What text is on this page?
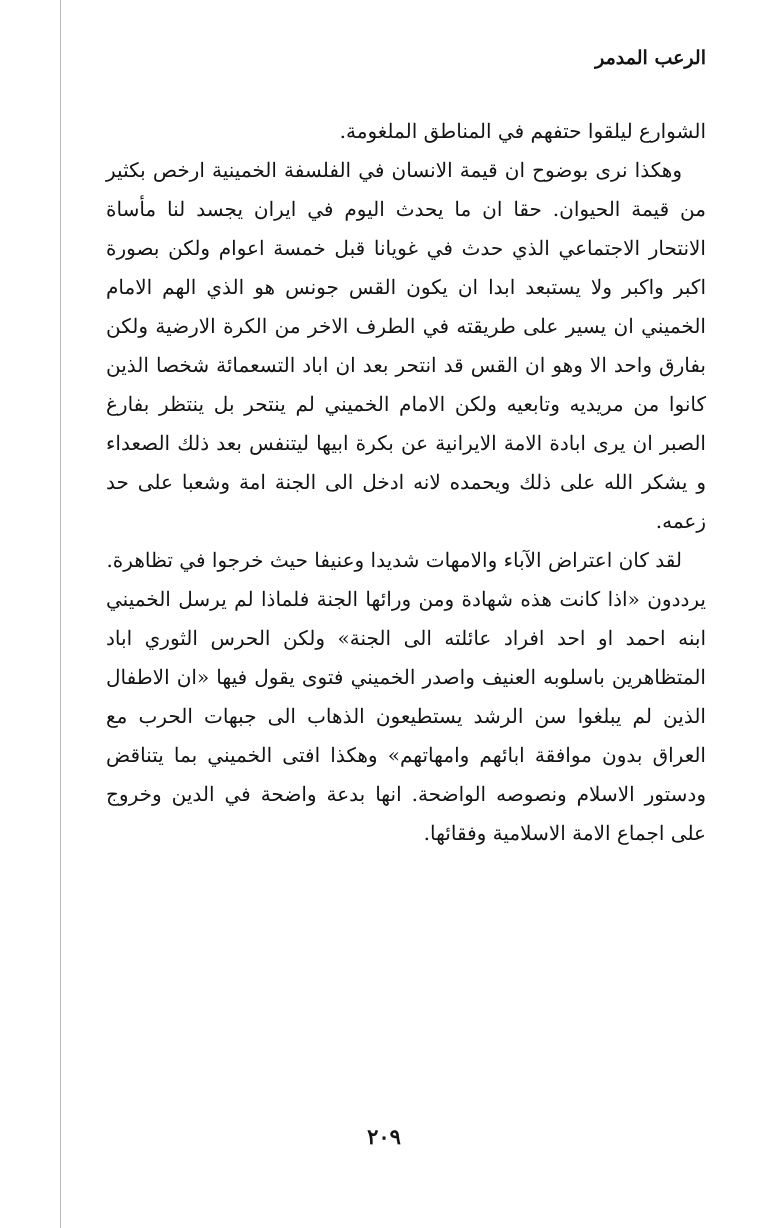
الرعب المدمر

الشوارع ليلقوا حتفهم في المناطق الملغومة.

وهكذا نرى بوضوح ان قيمة الانسان في الفلسفة الخمينية ارخص بكثير من قيمة الحيوان. حقا ان ما يحدث اليوم في ايران يجسد لنا مأساة الانتحار الاجتماعي الذي حدث في غويانا قبل خمسة اعوام ولكن بصورة اكبر واكبر ولا يستبعد ابدا ان يكون القس جونس هو الذي الهم الامام الخميني ان يسير على طريقته في الطرف الاخر من الكرة الارضية ولكن بفارق واحد الا وهو ان القس قد انتحر بعد ان اباد التسعمائة شخصا الذين كانوا من مريديه وتابعيه ولكن الامام الخميني لم ينتحر بل ينتظر بفارغ الصبر ان يرى ابادة الامة الايرانية عن بكرة ابيها ليتنفس بعد ذلك الصعداء و يشكر الله على ذلك ويحمده لانه ادخل الى الجنة امة وشعبا على حد زعمه.

لقد كان اعتراض الآباء والامهات شديدا وعنيفا حيث خرجوا في تظاهرة.

يرددون «اذا كانت هذه شهادة ومن ورائها الجنة فلماذا لم يرسل الخميني ابنه احمد او احد افراد عائلته الى الجنة» ولكن الحرس الثوري اباد المتظاهرين باسلوبه العنيف واصدر الخميني فتوى يقول فيها «ان الاطفال الذين لم يبلغوا سن الرشد يستطيعون الذهاب الى جبهات الحرب مع العراق بدون موافقة ابائهم وامهاتهم» وهكذا افتى الخميني بما يتناقض ودستور الاسلام ونصوصه الواضحة. انها بدعة واضحة في الدين وخروج على اجماع الامة الاسلامية وفقائها.

٢٠٩
